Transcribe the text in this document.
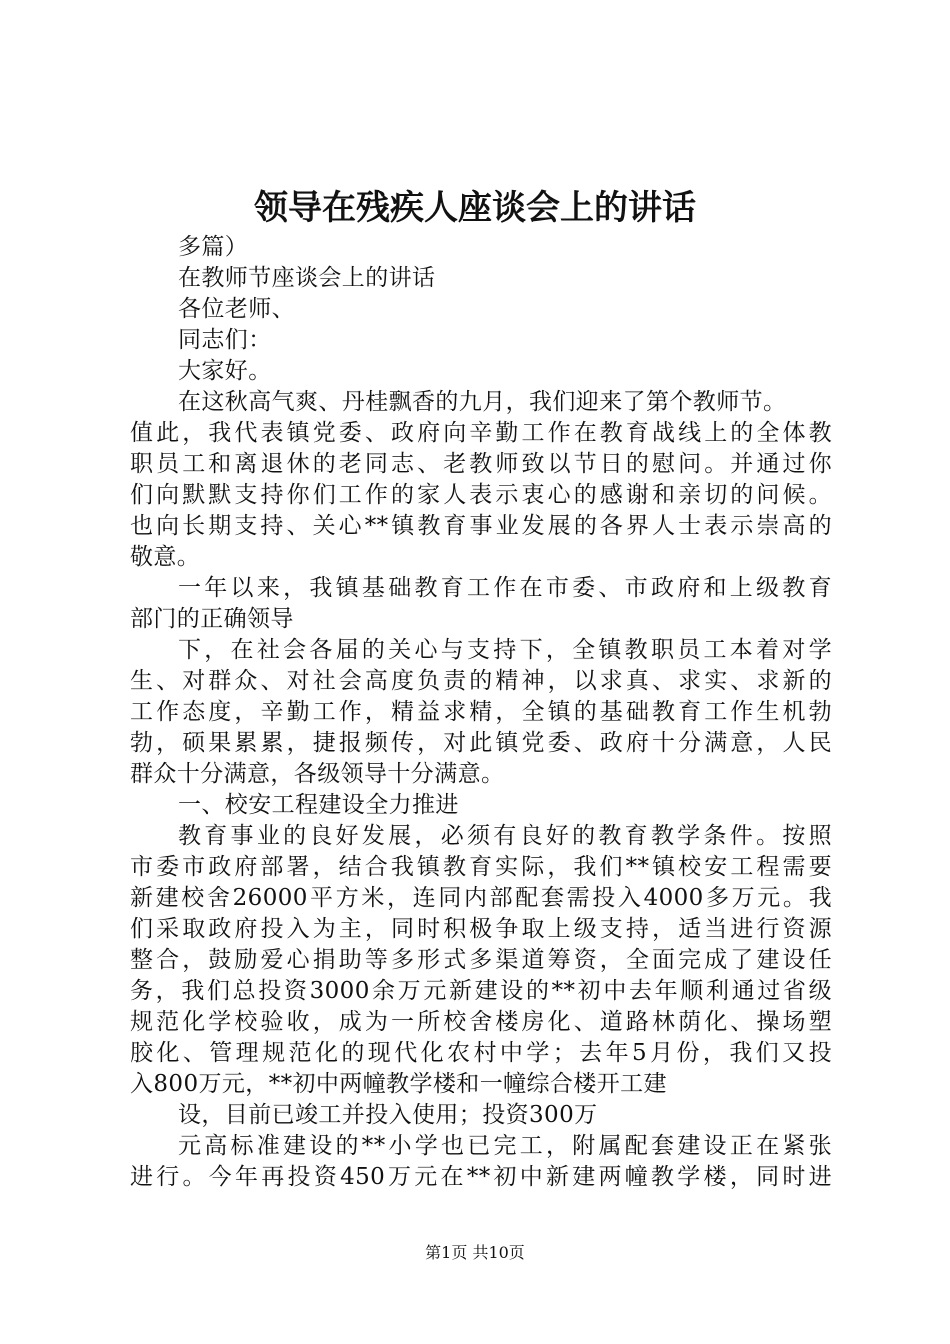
领导在残疾人座谈会上的讲话
多篇）
在教师节座谈会上的讲话
各位老师、
同志们：
大家好。
在这秋高气爽、丹桂飘香的九月，我们迎来了第个教师节。
值此，我代表镇党委、政府向辛勤工作在教育战线上的全体教
职员工和离退休的老同志、老教师致以节日的慰问。并通过你
们向默默支持你们工作的家人表示衷心的感谢和亲切的问候。
也向长期支持、关心**镇教育事业发展的各界人士表示崇高的
敬意。
一年以来，我镇基础教育工作在市委、市政府和上级教育
部门的正确领导
下，在社会各届的关心与支持下，全镇教职员工本着对学
生、对群众、对社会高度负责的精神，以求真、求实、求新的
工作态度，辛勤工作，精益求精，全镇的基础教育工作生机勃
勃，硕果累累，捷报频传，对此镇党委、政府十分满意，人民
群众十分满意，各级领导十分满意。
一、校安工程建设全力推进
教育事业的良好发展，必须有良好的教育教学条件。按照
市委市政府部署，结合我镇教育实际，我们**镇校安工程需要
新建校舍26000平方米，连同内部配套需投入4000多万元。我
们采取政府投入为主，同时积极争取上级支持，适当进行资源
整合，鼓励爱心捐助等多形式多渠道筹资，全面完成了建设任
务，我们总投资3000余万元新建设的**初中去年顺利通过省级
规范化学校验收，成为一所校舍楼房化、道路林荫化、操场塑
胶化、管理规范化的现代化农村中学；去年5月份，我们又投
入800万元，**初中两幢教学楼和一幢综合楼开工建
设，目前已竣工并投入使用；投资300万
元高标准建设的**小学也已完工，附属配套建设正在紧张
进行。今年再投资450万元在**初中新建两幢教学楼，同时进
第1页 共10页
